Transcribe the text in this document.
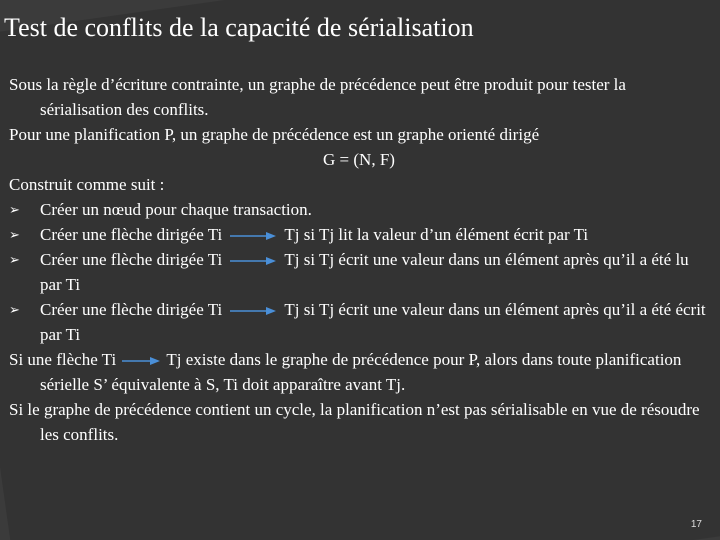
Test de conflits de la capacité de sérialisation

Sous la règle d’écriture contrainte, un graphe de précédence peut être produit pour tester la sérialisation des conflits.

Pour une planification P, un graphe de précédence est un graphe orienté dirigé

G = (N, F)

Construit comme suit :

➢	Créer un nœud pour chaque transaction.

➢	Créer une flèche dirigée Ti	Tj si Tj lit la valeur d’un élément écrit par Ti

➢	Créer une flèche dirigée Ti	Tj si Tj écrit une valeur dans un élément après qu’il a été lu par Ti

➢	Créer une flèche dirigée Ti	Tj si Tj écrit une valeur dans un élément après qu’il a été écrit par Ti

Si une flèche Ti	Tj existe dans le graphe de précédence pour P, alors dans toute planification sérielle S’ équivalente à S, Ti doit apparaître avant Tj.

Si le graphe de précédence contient un cycle, la planification n’est pas sérialisable en vue de résoudre les conflits.

17
